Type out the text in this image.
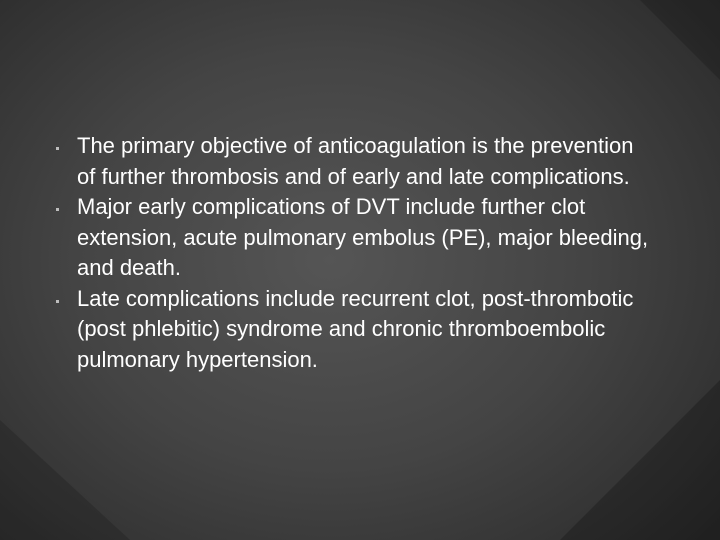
The primary objective of anticoagulation is the prevention of further thrombosis and of early and late complications.
Major early complications of DVT include further clot extension, acute pulmonary embolus (PE), major bleeding, and death.
Late complications include recurrent clot, post-thrombotic (post phlebitic) syndrome and chronic thromboembolic pulmonary hypertension.
